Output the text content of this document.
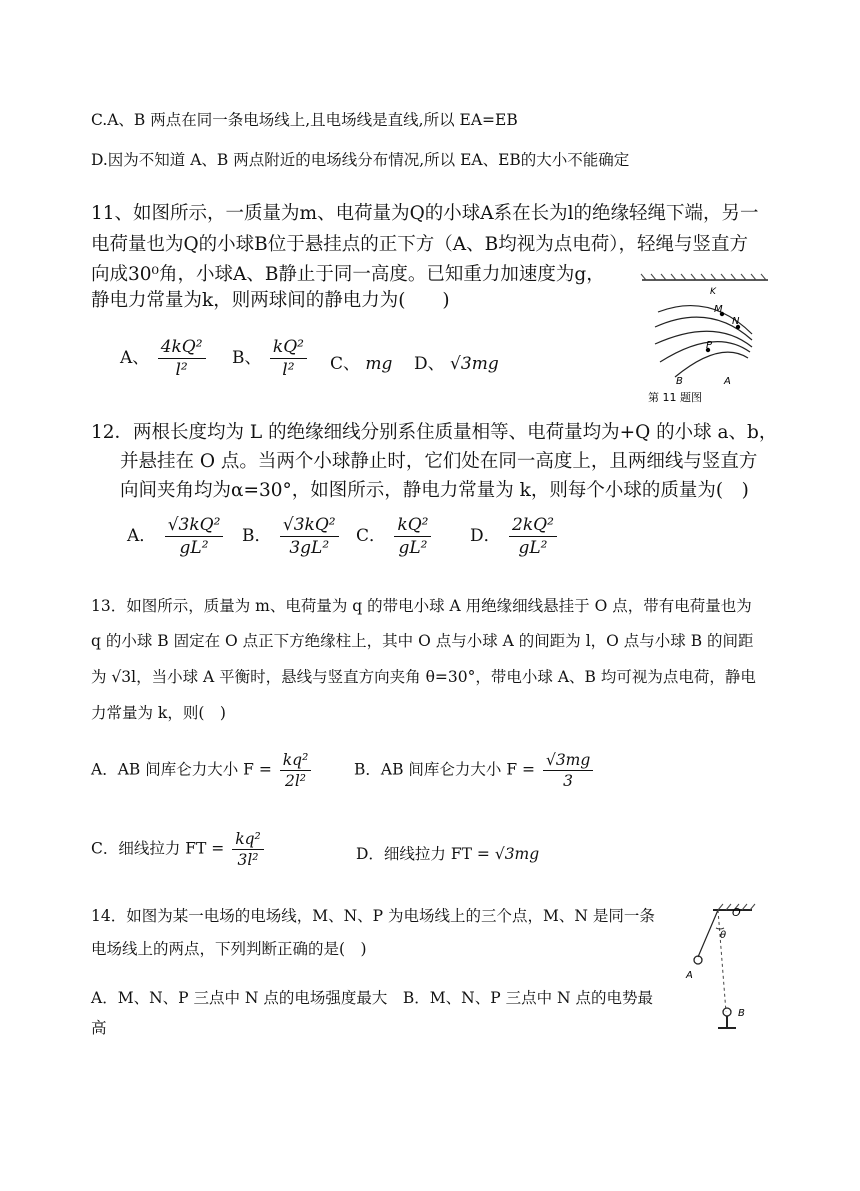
C.A、B 两点在同一条电场线上,且电场线是直线,所以 EA=EB
D.因为不知道 A、B 两点附近的电场线分布情况,所以 EA、EB的大小不能确定
11、如图所示，一质量为m、电荷量为Q的小球A系在长为l的绝缘轻绳下端，另一
电荷量也为Q的小球B位于悬挂点的正下方（A、B均视为点电荷），轻绳与竖直方
向成30⁰角，小球A、B静止于同一高度。已知重力加速度为g，
静电力常量为k，则两球间的静电力为(　　)
A、 $\frac{\text{4kQ²}}{\text{l²}}$ B、 $\frac{\text{kQ²}}{\text{l²}}$ C、 mg D、 √3mg
K
M
N
P
B	A
第 11 题图
12．两根长度均为 L 的绝缘细线分别系住质量相等、电荷量均为+Q 的小球 a、b，
并悬挂在 O 点。当两个小球静止时，它们处在同一高度上，且两细线与竖直方
向间夹角均为α=30°，如图所示，静电力常量为 k，则每个小球的质量为(　)
A． $\frac{\text{√3kQ²}}{\text{gL²}}$ B． $\frac{\text{√3kQ²}}{\text{3gL²}}$ C． $\frac{\text{kQ²}}{\text{gL²}}$ D． $\frac{\text{2kQ²}}{\text{gL²}}$
13．如图所示，质量为 m、电荷量为 q 的带电小球 A 用绝缘细线悬挂于 O 点，带有电荷量也为
q 的小球 B 固定在 O 点正下方绝缘柱上，其中 O 点与小球 A 的间距为 l，O 点与小球 B 的间距
为 √3l，当小球 A 平衡时，悬线与竖直方向夹角 θ=30°，带电小球 A、B 均可视为点电荷，静电
力常量为 k，则(　)
A．AB 间库仑力大小 $F = \frac{\text{kq²}}{\text{2l²}}$	B．AB 间库仑力大小 $F = \frac{√3mg}{3}$
C．细线拉力 FT = $\frac{\text{kq²}}{\text{3l²}}$	D．细线拉力 FT = √3mg
14．如图为某一电场的电场线，M、N、P 为电场线上的三个点，M、N 是同一条
电场线上的两点，下列判断正确的是(　)
A．M、N、P 三点中 N 点的电场强度最大　B．M、N、P 三点中 N 点的电势最
高
O
θ
A
B
